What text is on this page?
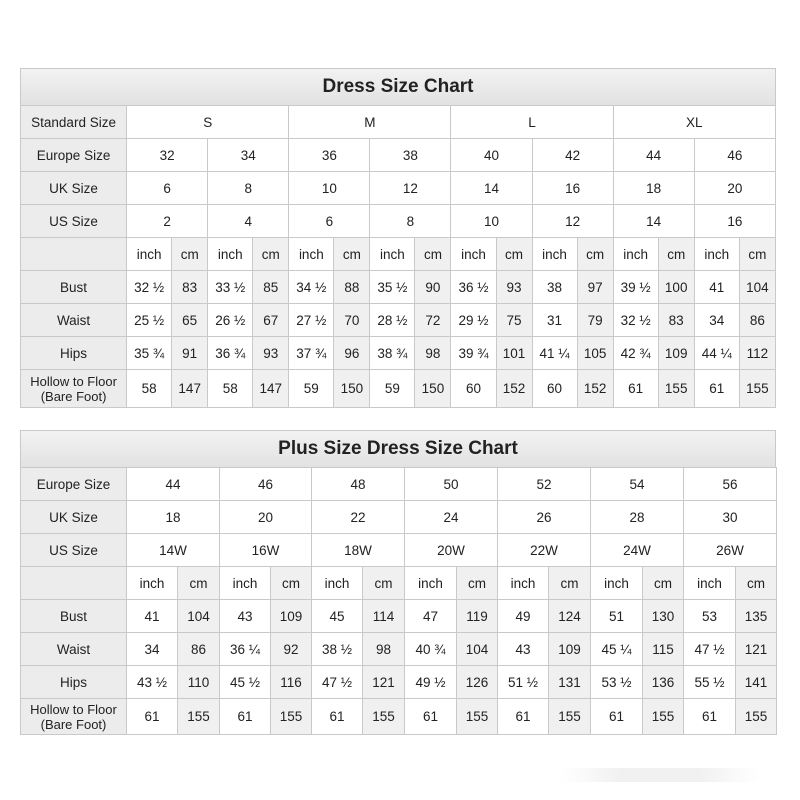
Dress Size Chart
Standard Size	S				M				L				XL			
Europe Size	32		34		36		38		40		42		44		46	
UK Size	6		8		10		12		14		16		18		20	
US Size	2		4		6		8		10		12		14		16	
	inch	cm	inch	cm	inch	cm	inch	cm	inch	cm	inch	cm	inch	cm	inch	cm
Bust	32 ½	83	33 ½	85	34 ½	88	35 ½	90	36 ½	93	38	97	39 ½	100	41	104
Waist	25 ½	65	26 ½	67	27 ½	70	28 ½	72	29 ½	75	31	79	32 ½	83	34	86
Hips	35 ¾	91	36 ¾	93	37 ¾	96	38 ¾	98	39 ¾	101	41 ¼	105	42 ¾	109	44 ¼	112
Hollow to Floor (Bare Foot)	58	147	58	147	59	150	59	150	60	152	60	152	61	155	61	155
Plus Size Dress Size Chart
Europe Size	44		46		48		50		52		54		56	
UK Size	18		20		22		24		26		28		30	
US Size	14W		16W		18W		20W		22W		24W		26W	
	inch	cm	inch	cm	inch	cm	inch	cm	inch	cm	inch	cm	inch	cm
Bust	41	104	43	109	45	114	47	119	49	124	51	130	53	135
Waist	34	86	36 ¼	92	38 ½	98	40 ¾	104	43	109	45 ¼	115	47 ½	121
Hips	43 ½	110	45 ½	116	47 ½	121	49 ½	126	51 ½	131	53 ½	136	55 ½	141
Hollow to Floor (Bare Foot)	61	155	61	155	61	155	61	155	61	155	61	155	61	155
